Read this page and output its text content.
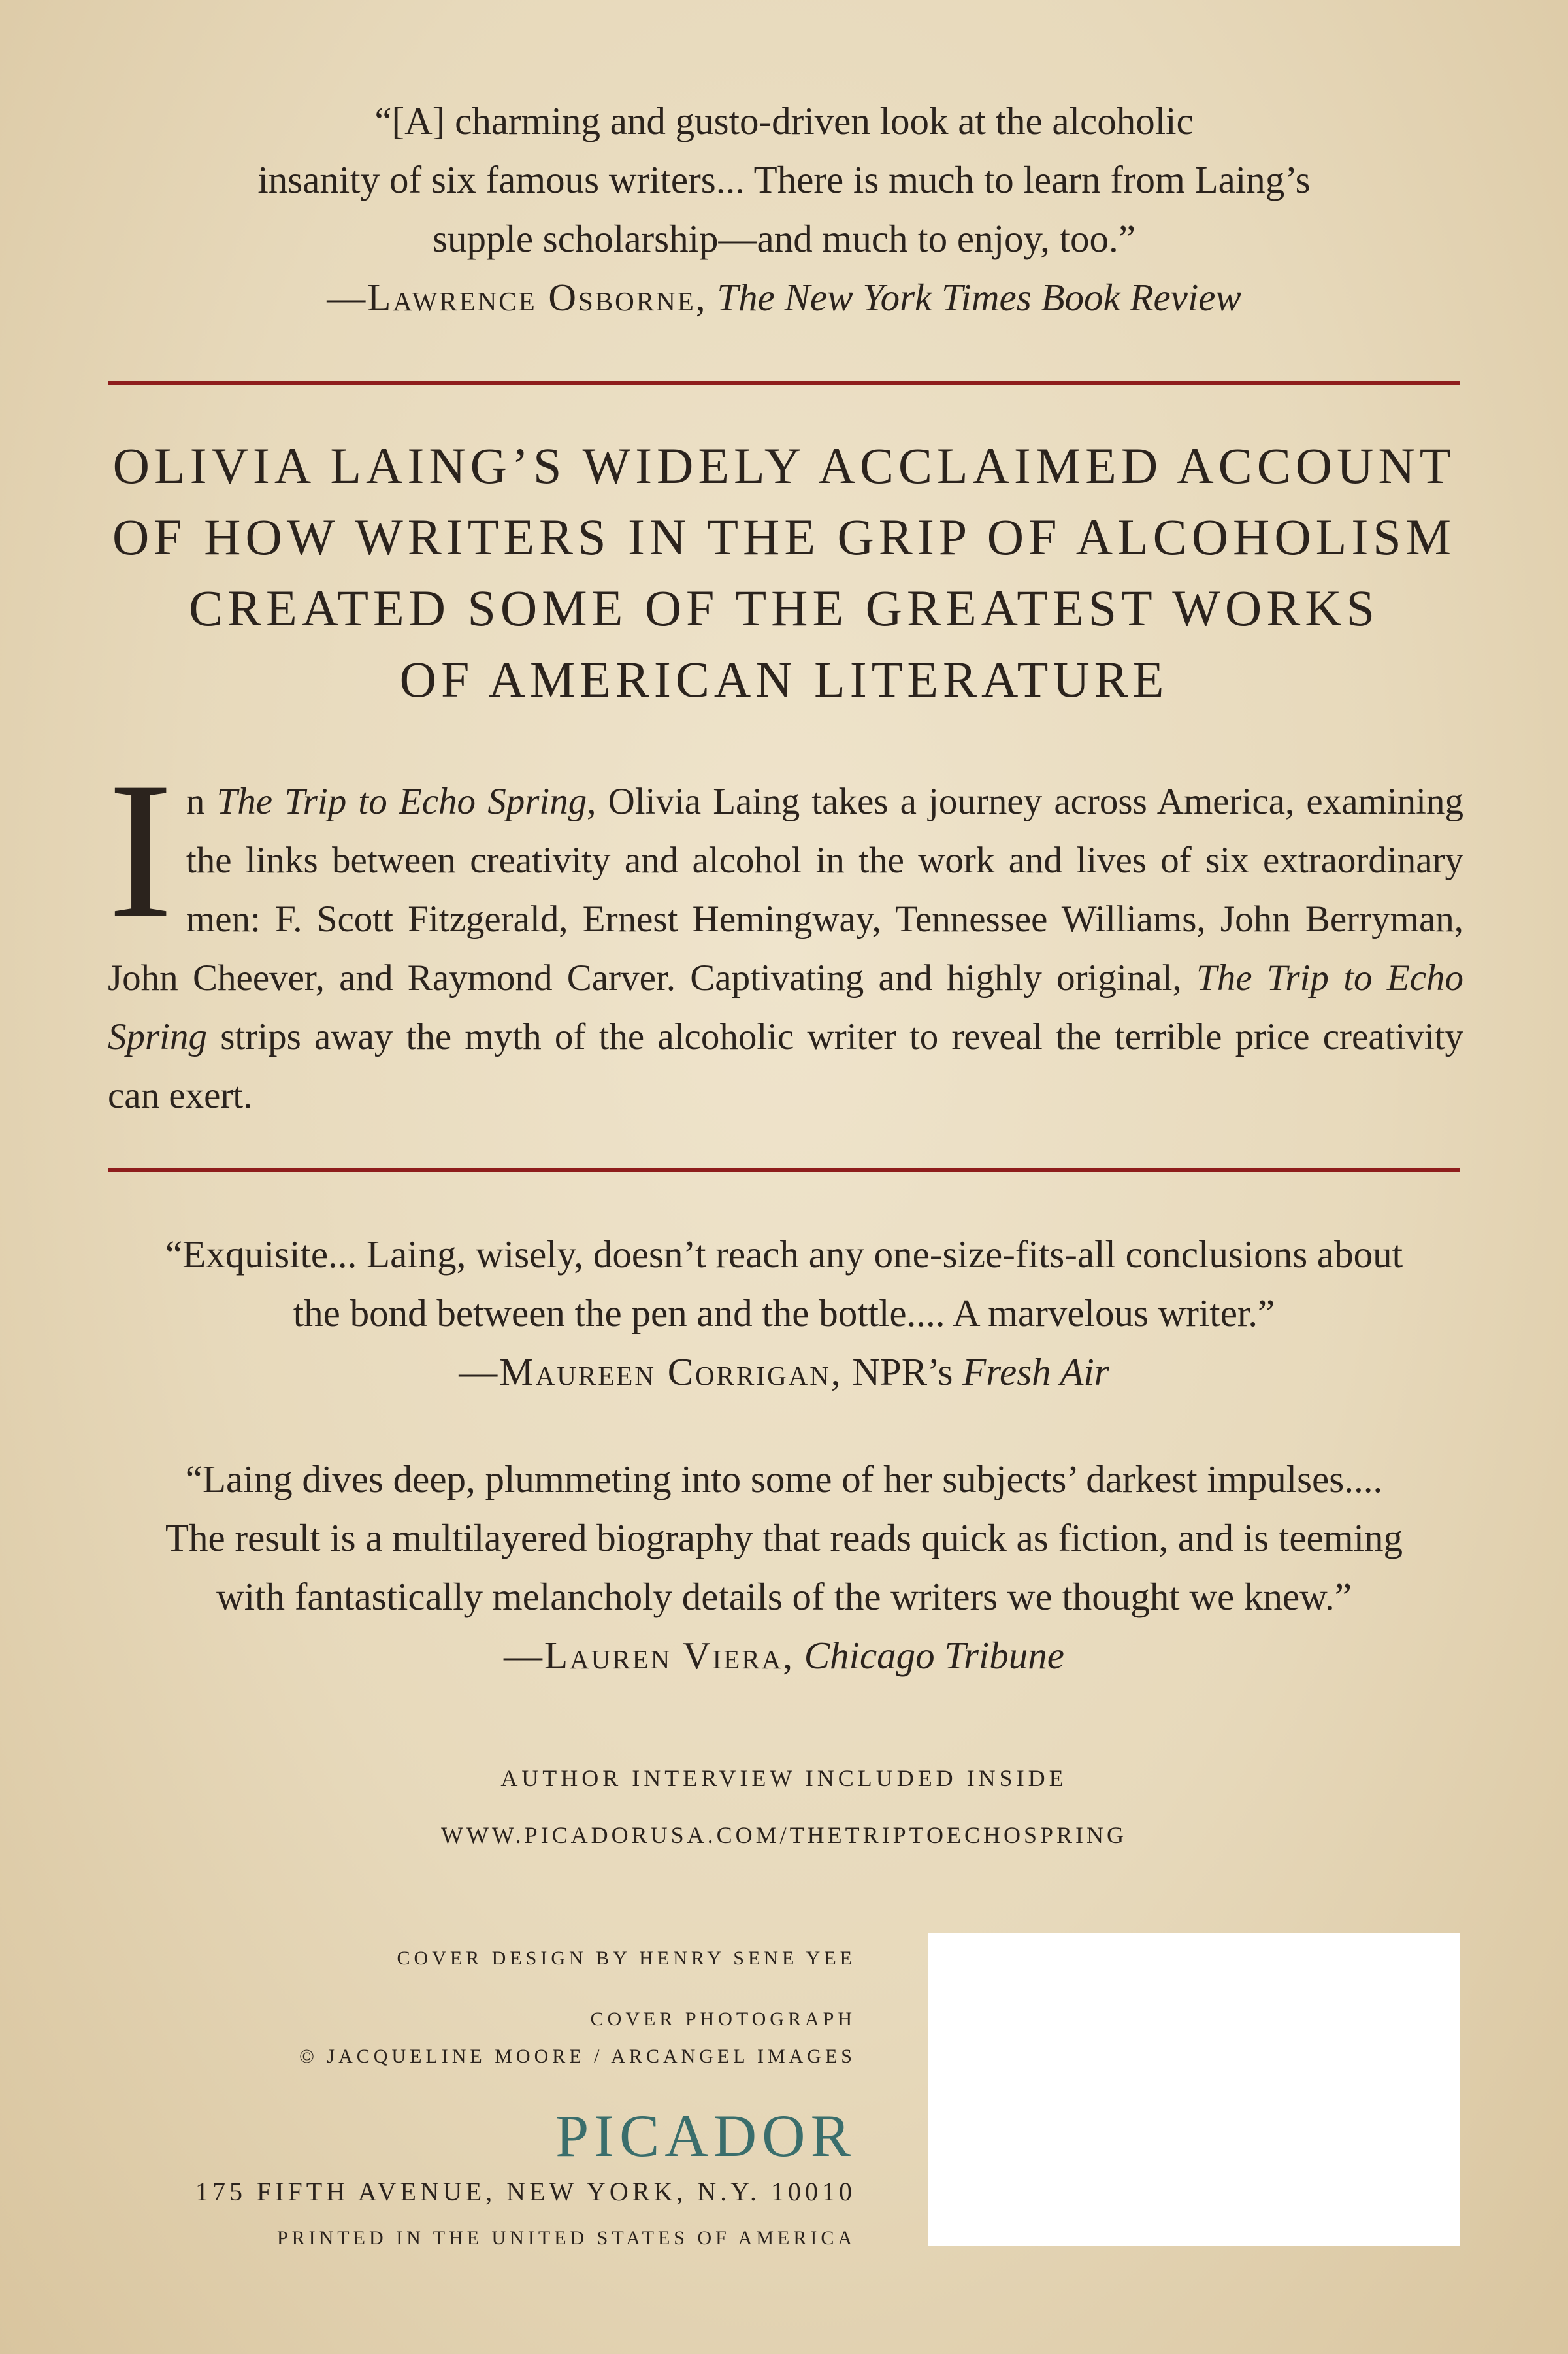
“[A] charming and gusto-driven look at the alcoholic
insanity of six famous writers... There is much to learn from Laing’s
supple scholarship—and much to enjoy, too.”
—Lawrence Osborne, The New York Times Book Review
OLIVIA LAING’S WIDELY ACCLAIMED ACCOUNT
OF HOW WRITERS IN THE GRIP OF ALCOHOLISM
CREATED SOME OF THE GREATEST WORKS
OF AMERICAN LITERATURE
In The Trip to Echo Spring, Olivia Laing takes a journey across America, examining the links between creativity and alcohol in the work and lives of six extraordinary men: F. Scott Fitzgerald, Ernest Hemingway, Tennessee Williams, John Berryman, John Cheever, and Raymond Carver. Captivating and highly original, The Trip to Echo Spring strips away the myth of the alcoholic writer to reveal the terrible price creativity can exert.
“Exquisite... Laing, wisely, doesn’t reach any one-size-fits-all conclusions about
the bond between the pen and the bottle.... A marvelous writer.”
—Maureen Corrigan, NPR’s Fresh Air
“Laing dives deep, plummeting into some of her subjects’ darkest impulses....
The result is a multilayered biography that reads quick as fiction, and is teeming
with fantastically melancholy details of the writers we thought we knew.”
—Lauren Viera, Chicago Tribune
AUTHOR INTERVIEW INCLUDED INSIDE
WWW.PICADORUSA.COM/THETRIPTOECHOSPRING
COVER DESIGN BY HENRY SENE YEE
COVER PHOTOGRAPH
© JACQUELINE MOORE / ARCANGEL IMAGES
PICADOR
175 FIFTH AVENUE, NEW YORK, N.Y. 10010
PRINTED IN THE UNITED STATES OF AMERICA
